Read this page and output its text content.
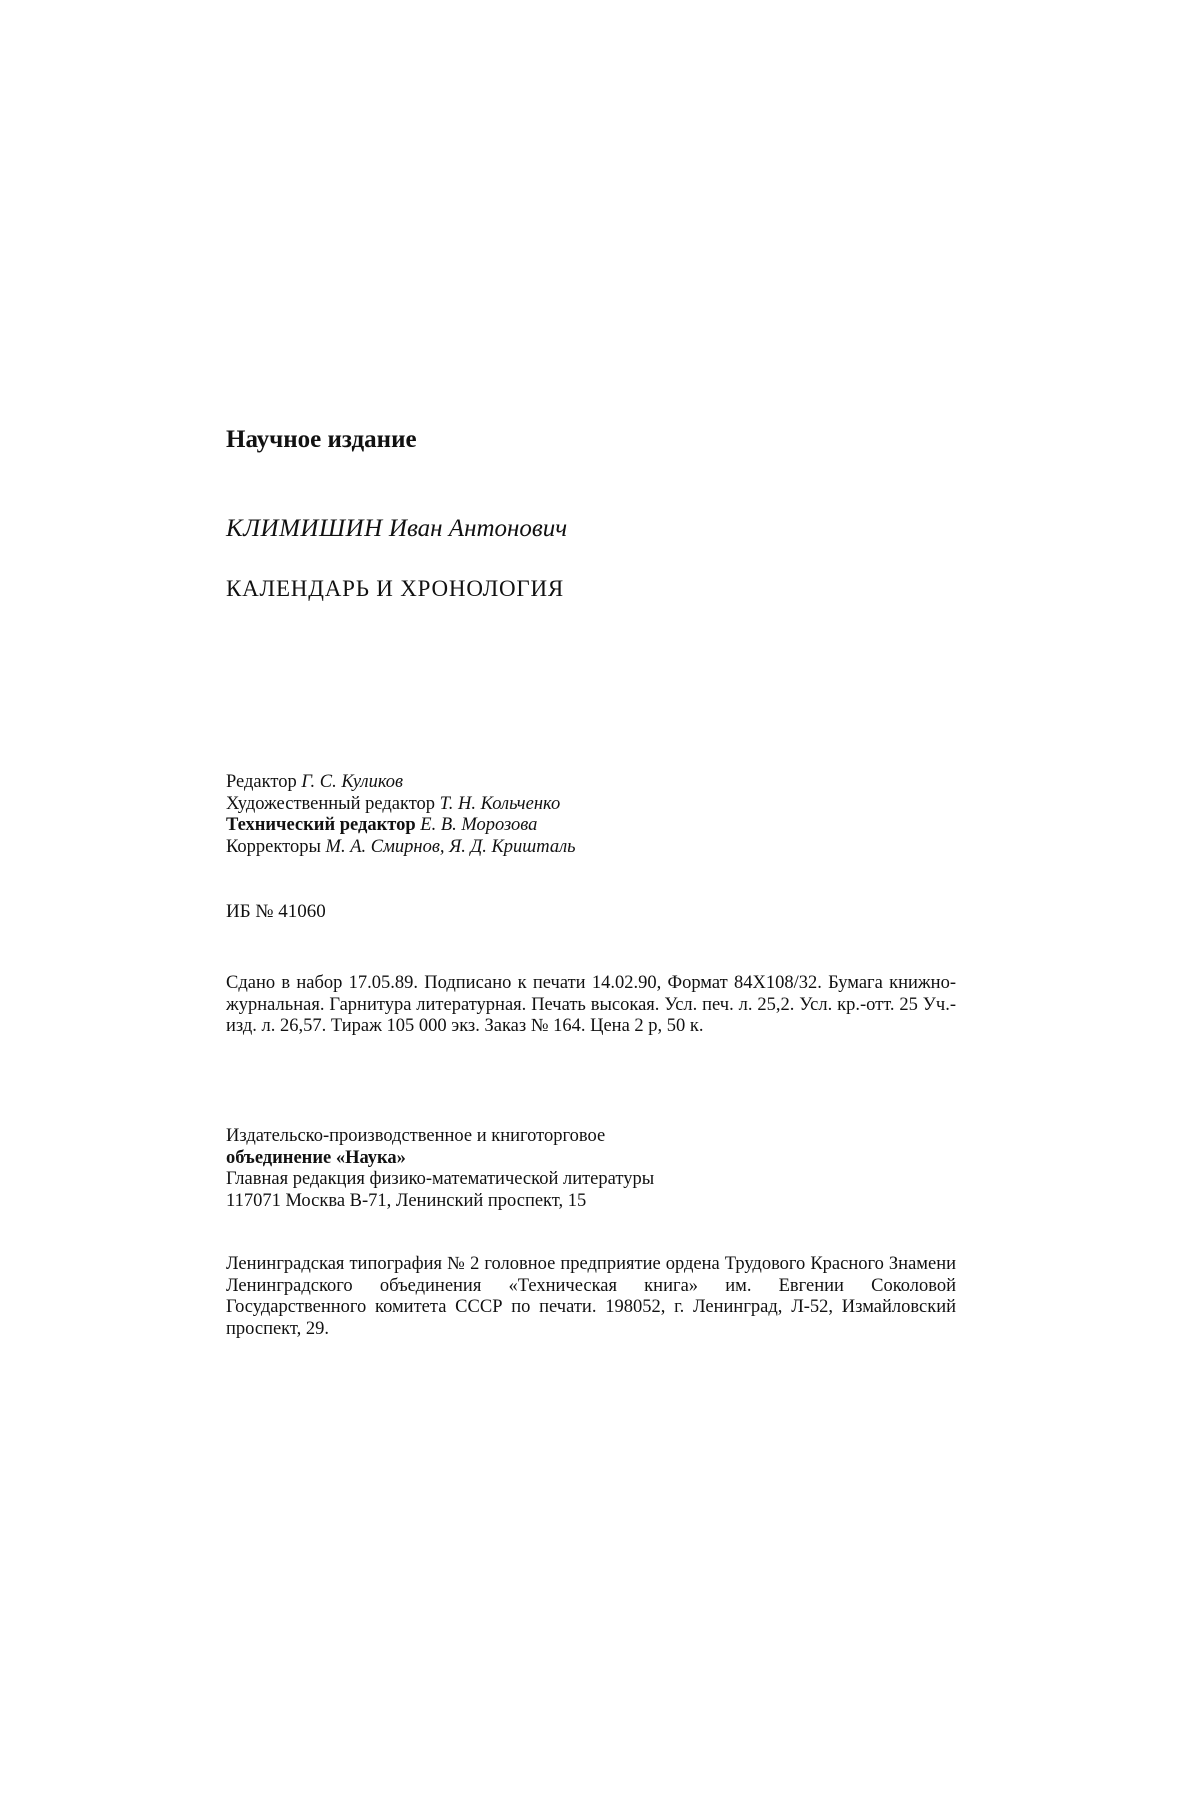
Научное издание
КЛИМИШИН Иван Антонович
КАЛЕНДАРЬ И ХРОНОЛОГИЯ
Редактор Г. С. Куликов
Художественный редактор Т. Н. Кольченко
Технический редактор Е. В. Морозова
Корректоры М. А. Смирнов, Я. Д. Кришталь
ИБ № 41060
Сдано в набор 17.05.89. Подписано к печати 14.02.90, Формат 84Х108/32. Бумага книжно-журнальная. Гарнитура литературная. Печать высокая. Усл. печ. л. 25,2. Усл. кр.-отт. 25 Уч.-изд. л. 26,57. Тираж 105 000 экз. Заказ № 164. Цена 2 р, 50 к.
Издательско-производственное и книготорговое
объединение «Наука»
Главная редакция физико-математической литературы
117071 Москва В-71, Ленинский проспект, 15
Ленинградская типография № 2 головное предприятие ордена Трудового Красного Знамени Ленинградского объединения «Техническая книга» им. Евгении Соколовой Государственного комитета СССР по печати. 198052, г. Ленинград, Л-52, Измайловский проспект, 29.
